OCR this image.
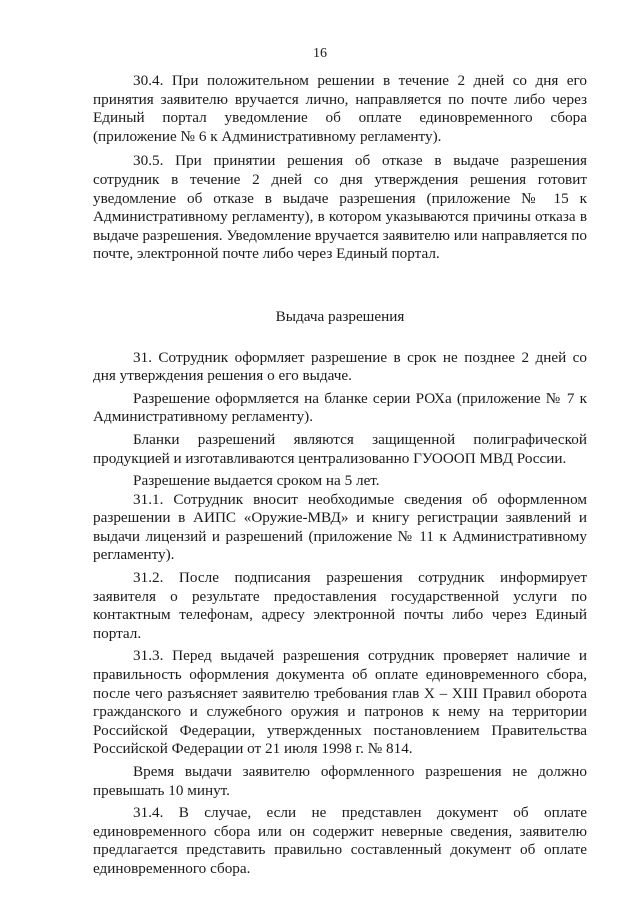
16

30.4. При положительном решении в течение 2 дней со дня его принятия заявителю вручается лично, направляется по почте либо через Единый портал уведомление об оплате единовременного сбора (приложение № 6 к Административному регламенту).

30.5. При принятии решения об отказе в выдаче разрешения сотрудник в течение 2 дней со дня утверждения решения готовит уведомление об отказе в выдаче разрешения (приложение № 15 к Административному регламенту), в котором указываются причины отказа в выдаче разрешения. Уведомление вручается заявителю или направляется по почте, электронной почте либо через Единый портал.

Выдача разрешения

31. Сотрудник оформляет разрешение в срок не позднее 2 дней со дня утверждения решения о его выдаче.

Разрешение оформляется на бланке серии РОХа (приложение № 7 к Административному регламенту).

Бланки разрешений являются защищенной полиграфической продукцией и изготавливаются централизованно ГУОООП МВД России.

Разрешение выдается сроком на 5 лет.

31.1. Сотрудник вносит необходимые сведения об оформленном разрешении в АИПС «Оружие-МВД» и книгу регистрации заявлений и выдачи лицензий и разрешений (приложение № 11 к Административному регламенту).

31.2. После подписания разрешения сотрудник информирует заявителя о результате предоставления государственной услуги по контактным телефонам, адресу электронной почты либо через Единый портал.

31.3. Перед выдачей разрешения сотрудник проверяет наличие и правильность оформления документа об оплате единовременного сбора, после чего разъясняет заявителю требования глав X – XIII Правил оборота гражданского и служебного оружия и патронов к нему на территории Российской Федерации, утвержденных постановлением Правительства Российской Федерации от 21 июля 1998 г. № 814.

Время выдачи заявителю оформленного разрешения не должно превышать 10 минут.

31.4. В случае, если не представлен документ об оплате единовременного сбора или он содержит неверные сведения, заявителю предлагается представить правильно составленный документ об оплате единовременного сбора.
